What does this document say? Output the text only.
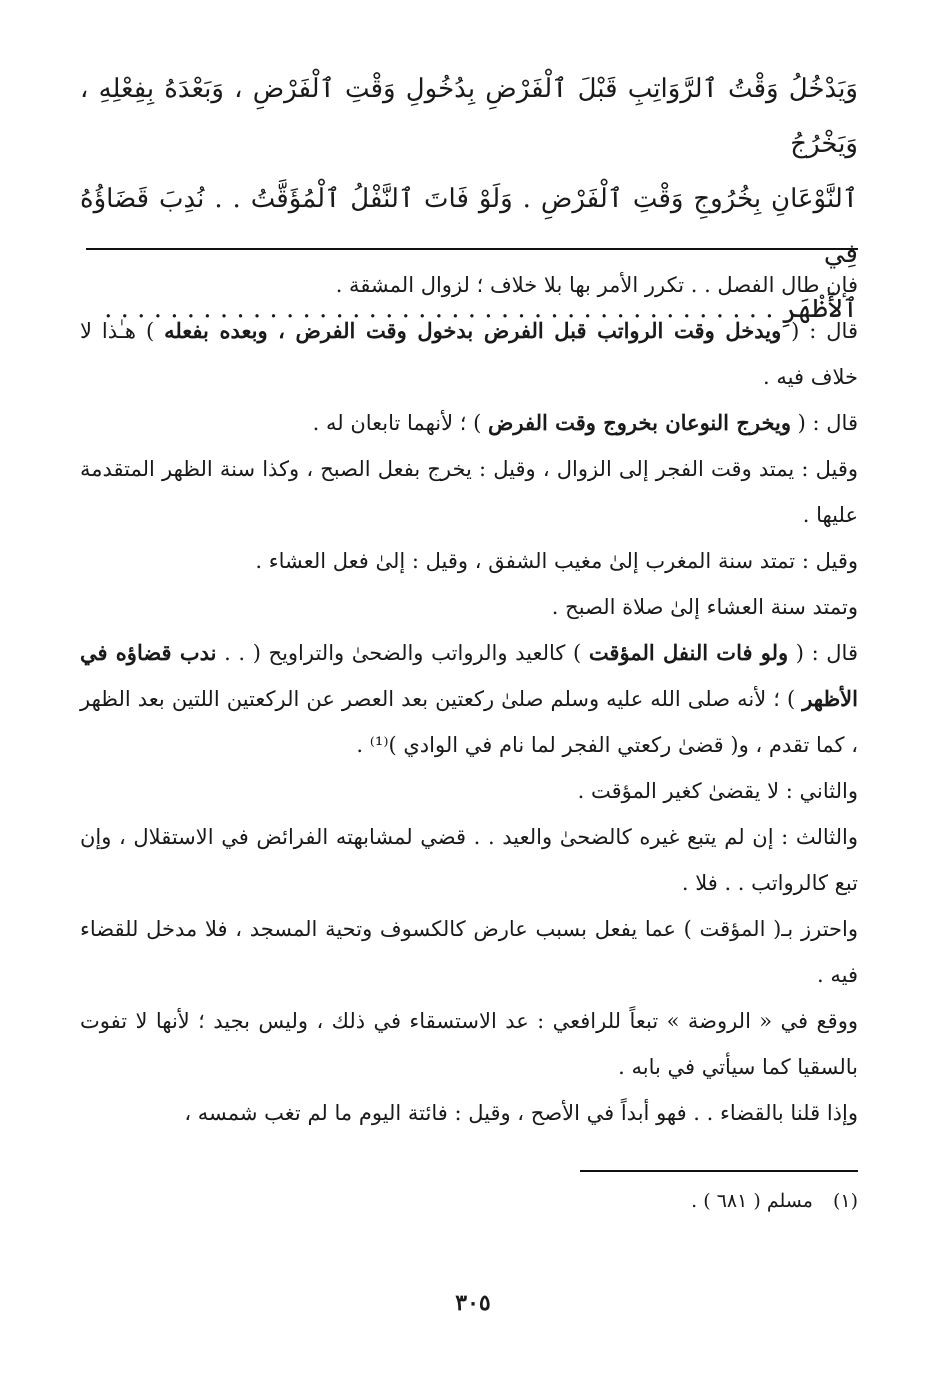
وَيَدْخُلُ وَقْتُ ٱلرَّوَاتِبِ قَبْلَ ٱلْفَرْضِ بِدُخُولِ وَقْتِ ٱلْفَرْضِ ، وَبَعْدَهُ بِفِعْلِهِ ، وَيَخْرُجُ

ٱلنَّوْعَانِ بِخُرُوجِ وَقْتِ ٱلْفَرْضِ . وَلَوْ فَاتَ ٱلنَّفْلُ ٱلْمُؤَقَّتُ . . نُدِبَ قَضَاؤُهُ فِي

ٱلأَظْهَرِ . . . . . . . . . . . . . . . . . . . . . . . . . . . . . . . . . . . . . . . . .

فإن طال الفصل . . تكرر الأمر بها بلا خلاف ؛ لزوال المشقة .

قال : ( ويدخل وقت الرواتب قبل الفرض بدخول وقت الفرض ، وبعده بفعله ) هـٰذا لا خلاف فيه .

قال : ( ويخرج النوعان بخروج وقت الفرض ) ؛ لأنهما تابعان له .

وقيل : يمتد وقت الفجر إلى الزوال ، وقيل : يخرج بفعل الصبح ، وكذا سنة الظهر المتقدمة عليها .

وقيل : تمتد سنة المغرب إلىٰ مغيب الشفق ، وقيل : إلىٰ فعل العشاء .

وتمتد سنة العشاء إلىٰ صلاة الصبح .

قال : ( ولو فات النفل المؤقت ) كالعيد والرواتب والضحىٰ والتراويح ( . . ندب قضاؤه في الأظهر ) ؛ لأنه صلى الله عليه وسلم صلىٰ ركعتين بعد العصر عن الركعتين اللتين بعد الظهر ، كما تقدم ، و( قضىٰ ركعتي الفجر لما نام في الوادي )⁽¹⁾ .

والثاني : لا يقضىٰ كغير المؤقت .

والثالث : إن لم يتبع غيره كالضحىٰ والعيد . . قضي لمشابهته الفرائض في الاستقلال ، وإن تبع كالرواتب . . فلا .

واحترز بـ( المؤقت ) عما يفعل بسبب عارض كالكسوف وتحية المسجد ، فلا مدخل للقضاء فيه .

ووقع في « الروضة » تبعاً للرافعي : عد الاستسقاء في ذلك ، وليس بجيد ؛ لأنها لا تفوت بالسقيا كما سيأتي في بابه .

وإذا قلنا بالقضاء . . فهو أبداً في الأصح ، وقيل : فائتة اليوم ما لم تغب شمسه ،

(١) مسلم ( ٦٨١ ) .
٣٠٥
